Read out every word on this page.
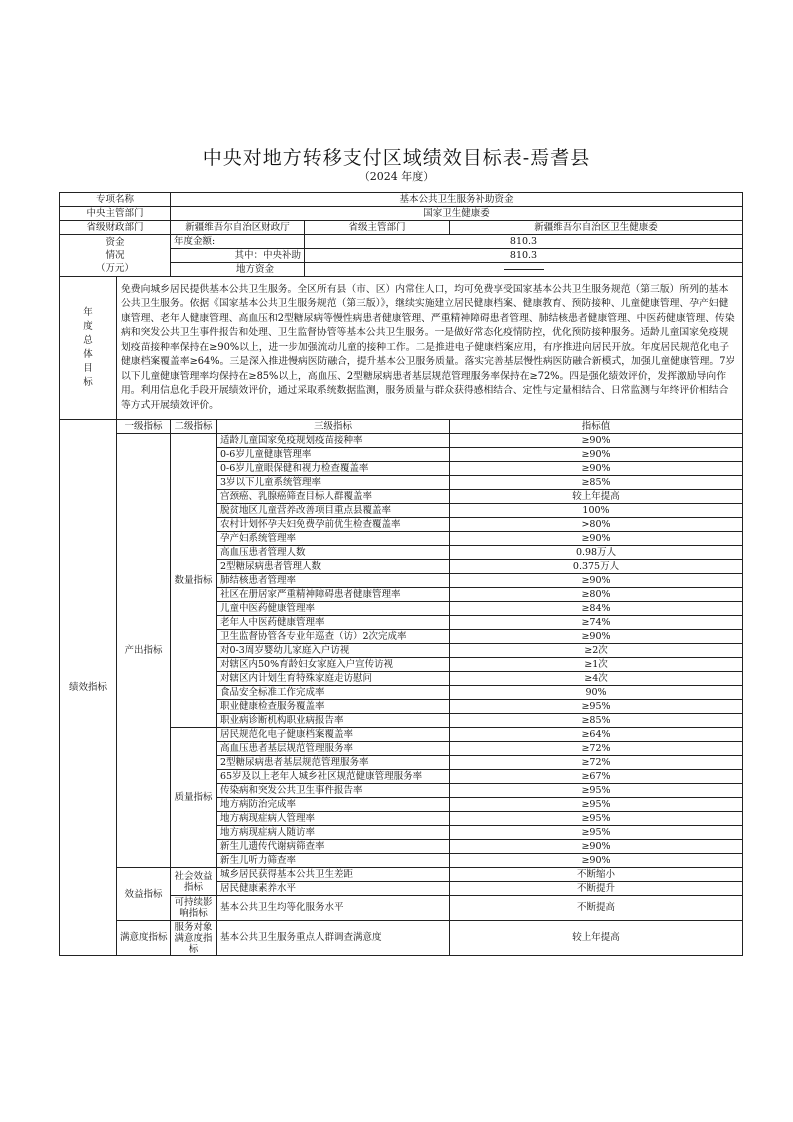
中央对地方转移支付区域绩效目标表-焉耆县
（2024 年度）
专项名称		基本公共卫生服务补助资金			
中央主管部门		国家卫生健康委			
省级财政部门		新疆维吾尔自治区财政厅		省级主管部门	新疆维吾尔自治区卫生健康委

资金
情况
（万元）		年度金额:		810.3	
		其中：中央补助		810.3	
		地方资金			

年度总体目标	免费向城乡居民提供基本公共卫生服务。全区所有县（市、区）内常住人口，均可免费享受国家基本公共卫生服务规范（第三版）所列的基本公共卫生服务。依据《国家基本公共卫生服务规范（第三版）》，继续实施建立居民健康档案、健康教育、预防接种、儿童健康管理、孕产妇健康管理、老年人健康管理、高血压和2型糖尿病等慢性病患者健康管理、严重精神障碍患者管理、肺结核患者健康管理、中医药健康管理、传染病和突发公共卫生事件报告和处理、卫生监督协管等基本公共卫生服务。一是做好常态化疫情防控，优化预防接种服务。适龄儿童国家免疫规划疫苗接种率保持在≥90%以上，进一步加强流动儿童的接种工作。二是推进电子健康档案应用，有序推进向居民开放。年度居民规范化电子健康档案覆盖率≥64%。三是深入推进慢病医防融合，提升基本公卫服务质量。落实完善基层慢性病医防融合新模式，加强儿童健康管理。7岁以下儿童健康管理率均保持在≥85%以上，高血压、2型糖尿病患者基层规范管理服务率保持在≥72%。四是强化绩效评价，发挥激励导向作用。利用信息化手段开展绩效评价，通过采取系统数据监测，服务质量与群众获得感相结合、定性与定量相结合、日常监测与年终评价相结合等方式开展绩效评价。				
绩效指标	一级指标	二级指标	三级指标		指标值
	产出指标	数量指标	适龄儿童国家免疫规划疫苗接种率		≥90%
			0-6岁儿童健康管理率		≥90%
			0-6岁儿童眼保健和视力检查覆盖率		≥90%
			3岁以下儿童系统管理率		≥85%
			宫颈癌、乳腺癌筛查目标人群覆盖率		较上年提高
			脱贫地区儿童营养改善项目重点县覆盖率		100%
			农村计划怀孕夫妇免费孕前优生检查覆盖率		>80%
			孕产妇系统管理率		≥90%
			高血压患者管理人数		0.98万人
			2型糖尿病患者管理人数		0.375万人
			肺结核患者管理率		≥90%
			社区在册居家严重精神障碍患者健康管理率		≥80%
			儿童中医药健康管理率		≥84%
			老年人中医药健康管理率		≥74%
			卫生监督协管各专业年巡查（访）2次完成率		≥90%
			对0-3周岁婴幼儿家庭入户访视		≥2次
			对辖区内50%育龄妇女家庭入户宣传访视		≥1次
			对辖区内计划生育特殊家庭走访慰问		≥4次
			食品安全标准工作完成率		90%
			职业健康检查服务覆盖率		≥95%
			职业病诊断机构职业病报告率		≥85%
		质量指标	居民规范化电子健康档案覆盖率		≥64%
			高血压患者基层规范管理服务率		≥72%
			2型糖尿病患者基层规范管理服务率		≥72%
			65岁及以上老年人城乡社区规范健康管理服务率		≥67%
			传染病和突发公共卫生事件报告率		≥95%
			地方病防治完成率		≥95%
			地方病现症病人管理率		≥95%
			地方病现症病人随访率		≥95%
			新生儿遗传代谢病筛查率		≥90%
			新生儿听力筛查率		≥90%
	效益指标	社会效益指标	城乡居民获得基本公共卫生差距		不断缩小
			居民健康素养水平		不断提升
		可持续影响指标	基本公共卫生均等化服务水平		不断提高
	满意度指标	服务对象满意度指标	基本公共卫生服务重点人群调查满意度		较上年提高
